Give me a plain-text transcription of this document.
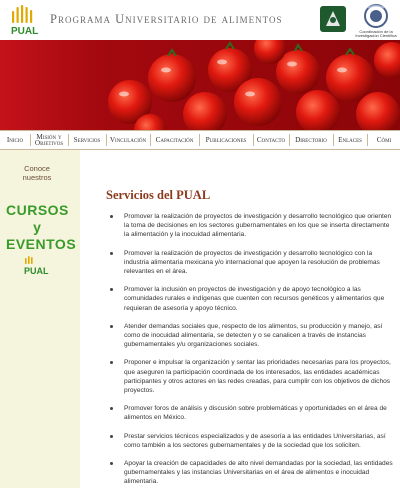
PUAL
Programa Universitario de alimentos
Coordinación de la Investigación Científica
Inicio	Misión y Objetivos	Servicios	Vinculación	Capacitación	Publicaciones	Contacto	Directorio	Enlaces	Cómi
Conoce
nuestros
CURSOS
y
EVENTOS
PUAL
Servicios del PUAL
Promover la realización de proyectos de investigación y desarrollo tecnológico que orienten la toma de decisiones en los sectores gubernamentales en los que se inserta directamente la alimentación y la inocuidad alimentaria.
Promover la realización de proyectos de investigación y desarrollo tecnológico con la industria alimentaria mexicana y/o internacional que apoyen la resolución de problemas relevantes en el área.
Promover la inclusión en proyectos de investigación y de apoyo tecnológico a las comunidades rurales e indígenas que cuenten con recursos genéticos y alimentarios que requieran de asesoría y apoyo técnico.
Atender demandas sociales que, respecto de los alimentos, su producción y manejo, así como de inocuidad alimentaria, se detecten y o se canalicen a través de instancias gubernamentales y/u organizaciones sociales.
Proponer e impulsar la organización y sentar las prioridades necesarias para los proyectos, que aseguren la participación coordinada de los interesados, las entidades académicas participantes y otros actores en las redes creadas, para cumplir con los objetivos de dichos proyectos.
Promover foros de análisis y discusión sobre problemáticas y oportunidades en el área de alimentos en México.
Prestar servicios técnicos especializados y de asesoría a las entidades Universitarias, así como también a los sectores gubernamentales y de la sociedad que los soliciten.
Apoyar la creación de capacidades de alto nivel demandadas por la sociedad, las entidades gubernamentales y las instancias Universitarias en el área de alimentos e inocuidad alimentaria.
